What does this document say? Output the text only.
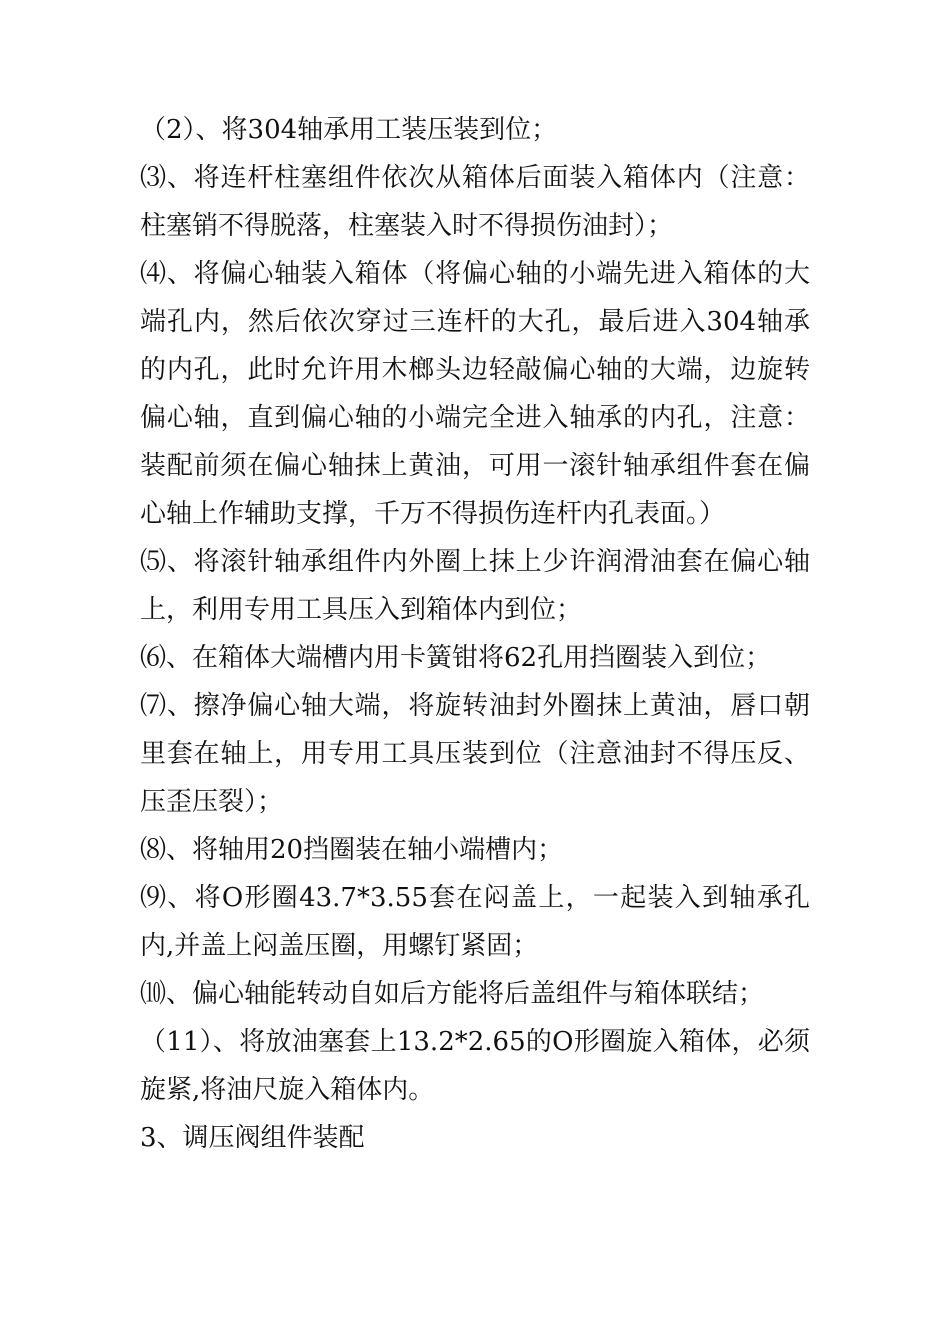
（2）、将304轴承用工装压装到位；

⑶、将连杆柱塞组件依次从箱体后面装入箱体内（注意：柱塞销不得脱落，柱塞装入时不得损伤油封）；

⑷、将偏心轴装入箱体（将偏心轴的小端先进入箱体的大端孔内，然后依次穿过三连杆的大孔，最后进入304轴承的内孔，此时允许用木榔头边轻敲偏心轴的大端，边旋转偏心轴，直到偏心轴的小端完全进入轴承的内孔，注意：装配前须在偏心轴抹上黄油，可用一滚针轴承组件套在偏心轴上作辅助支撑，千万不得损伤连杆内孔表面。）

⑸、将滚针轴承组件内外圈上抹上少许润滑油套在偏心轴上，利用专用工具压入到箱体内到位；

⑹、在箱体大端槽内用卡簧钳将62孔用挡圈装入到位；

⑺、擦净偏心轴大端，将旋转油封外圈抹上黄油，唇口朝里套在轴上，用专用工具压装到位（注意油封不得压反、压歪压裂）；

⑻、将轴用20挡圈装在轴小端槽内；

⑼、将O形圈43.7*3.55套在闷盖上，一起装入到轴承孔内,并盖上闷盖压圈，用螺钉紧固；

⑽、偏心轴能转动自如后方能将后盖组件与箱体联结；

（11）、将放油塞套上13.2*2.65的O形圈旋入箱体，必须旋紧,将油尺旋入箱体内。

3、调压阀组件装配
